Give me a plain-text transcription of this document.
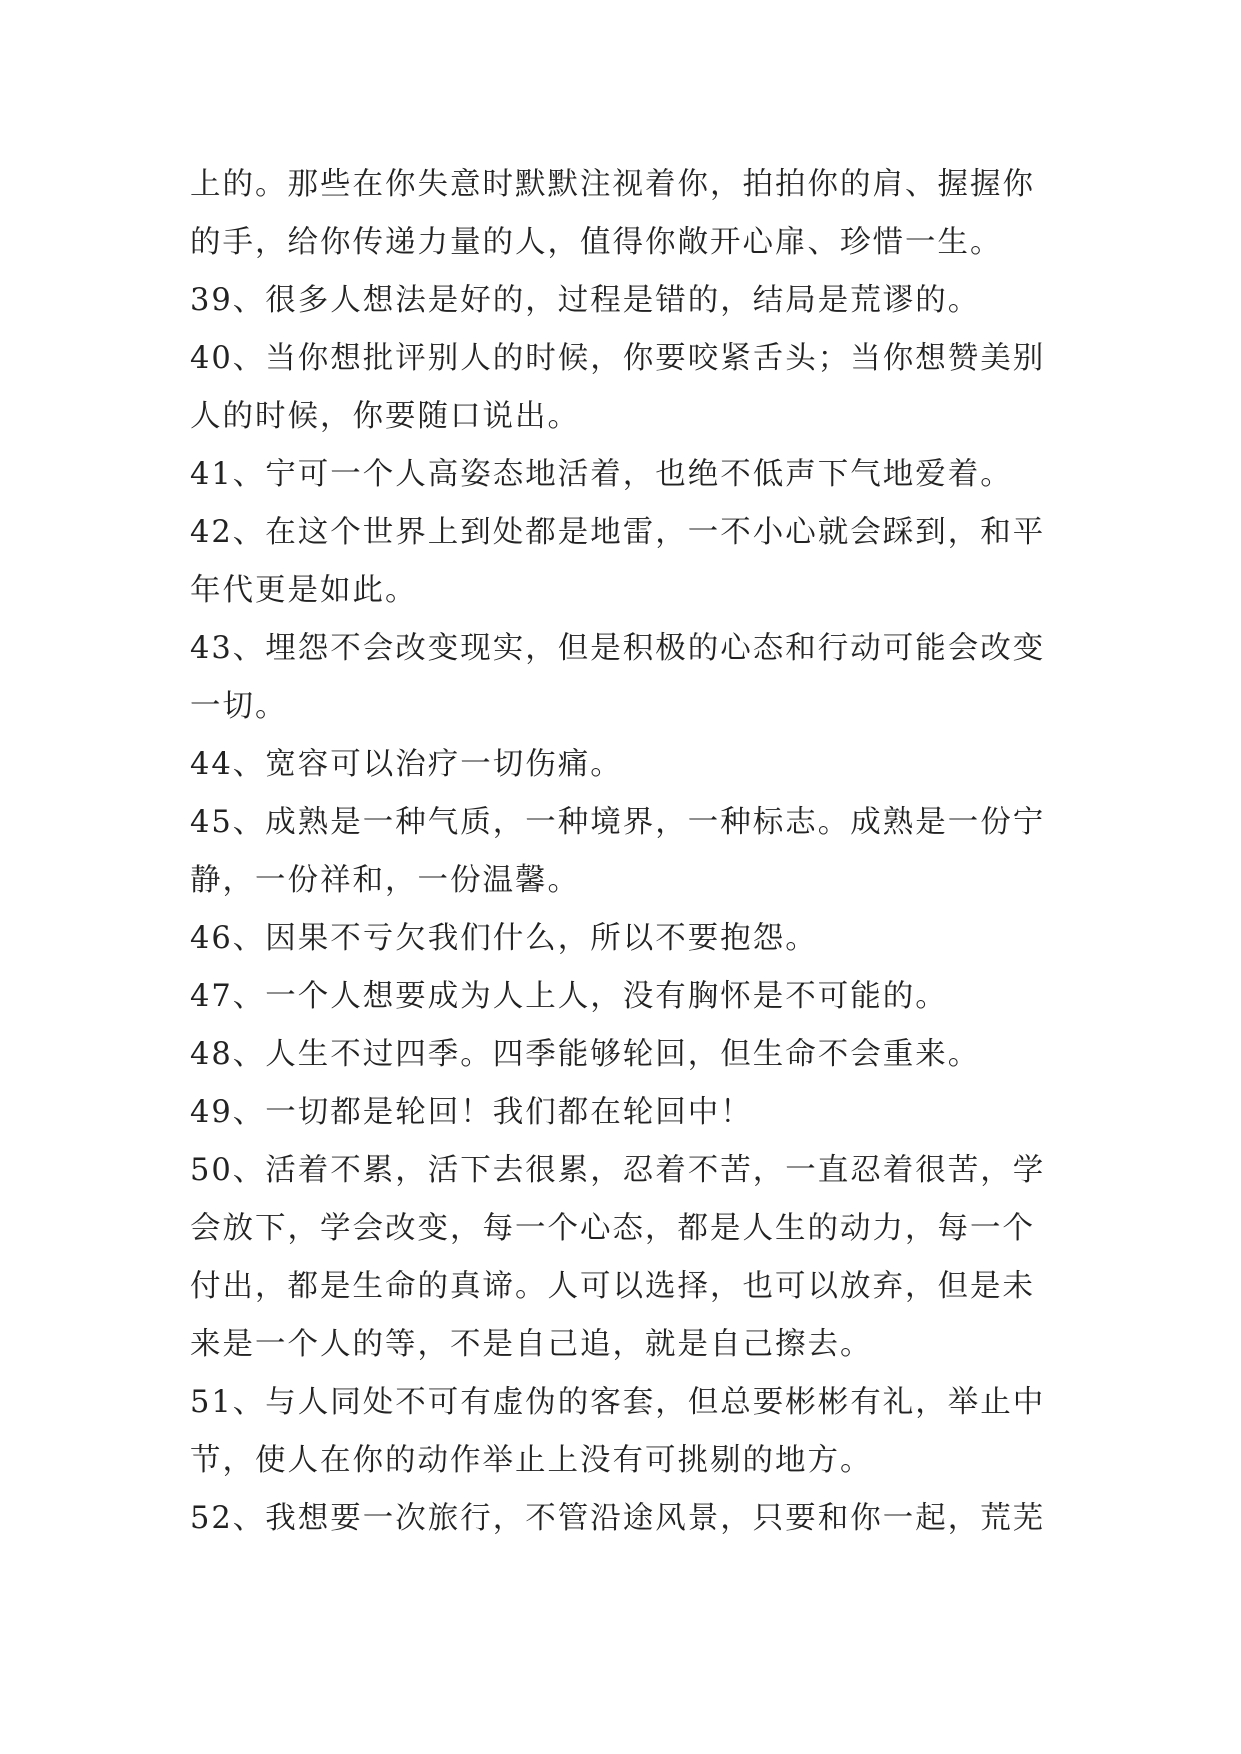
上的。那些在你失意时默默注视着你，拍拍你的肩、握握你
的手，给你传递力量的人，值得你敞开心扉、珍惜一生。
39、很多人想法是好的，过程是错的，结局是荒谬的。
40、当你想批评别人的时候，你要咬紧舌头；当你想赞美别
人的时候，你要随口说出。
41、宁可一个人高姿态地活着，也绝不低声下气地爱着。
42、在这个世界上到处都是地雷，一不小心就会踩到，和平
年代更是如此。
43、埋怨不会改变现实，但是积极的心态和行动可能会改变
一切。
44、宽容可以治疗一切伤痛。
45、成熟是一种气质，一种境界，一种标志。成熟是一份宁
静，一份祥和，一份温馨。
46、因果不亏欠我们什么，所以不要抱怨。
47、一个人想要成为人上人，没有胸怀是不可能的。
48、人生不过四季。四季能够轮回，但生命不会重来。
49、一切都是轮回！我们都在轮回中！
50、活着不累，活下去很累，忍着不苦，一直忍着很苦，学
会放下，学会改变，每一个心态，都是人生的动力，每一个
付出，都是生命的真谛。人可以选择，也可以放弃，但是未
来是一个人的等，不是自己追，就是自己擦去。
51、与人同处不可有虚伪的客套，但总要彬彬有礼，举止中
节，使人在你的动作举止上没有可挑剔的地方。
52、我想要一次旅行，不管沿途风景，只要和你一起，荒芜
